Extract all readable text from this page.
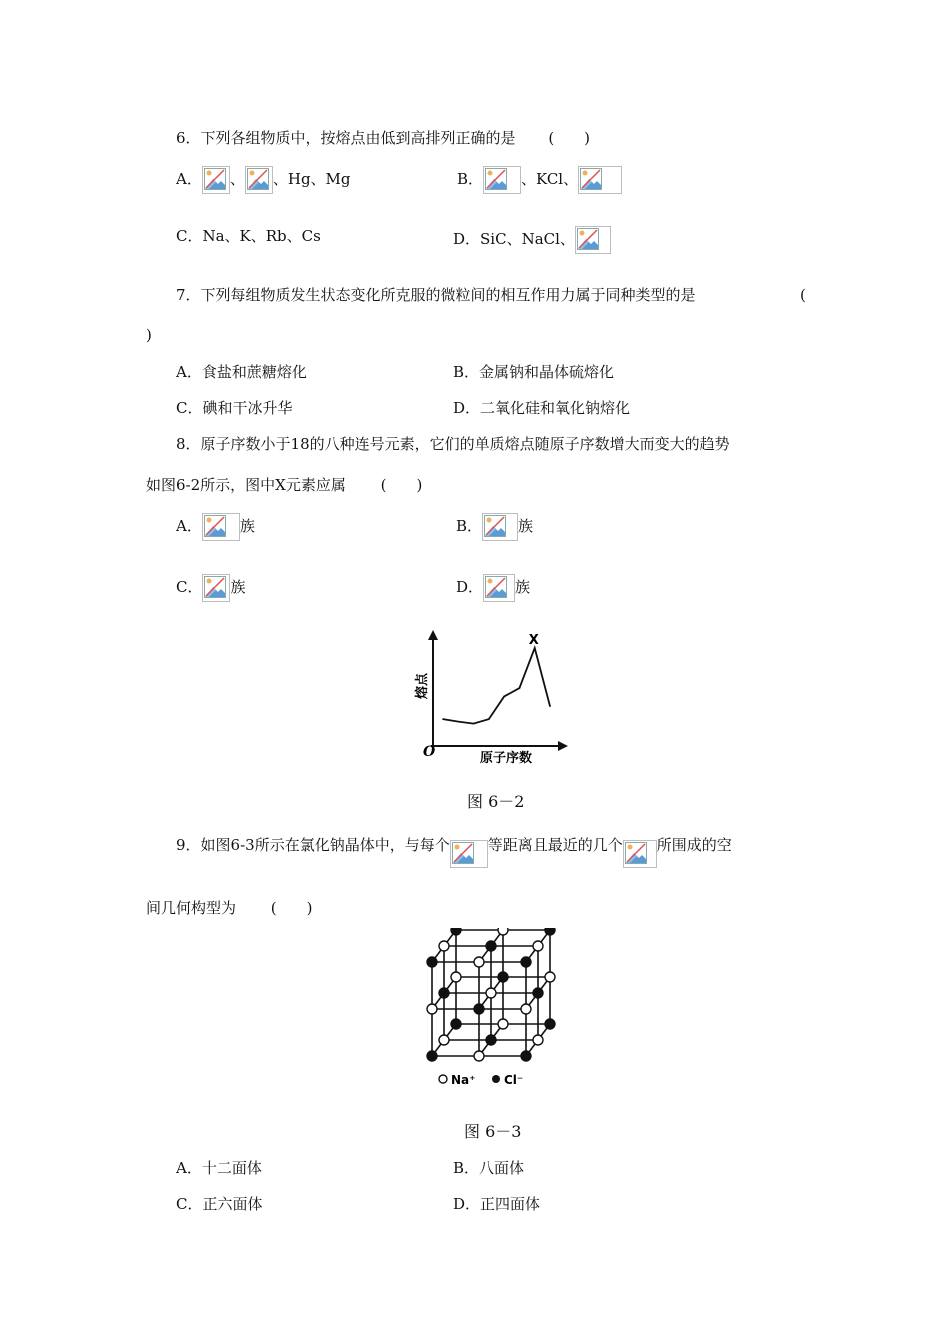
6．下列各组物质中，按熔点由低到高排列正确的是 (　　)
A． 、 、Hg、Mg	B．	、KCl、
C．Na、K、Rb、Cs	D．SiC、NaCl、
7．下列每组物质发生状态变化所克服的微粒间的相互作用力属于同种类型的是	(
)
A．食盐和蔗糖熔化	B．金属钠和晶体硫熔化
C．碘和干冰升华	D．二氧化硅和氧化钠熔化
8．原子序数小于18的八种连号元素，它们的单质熔点随原子序数增大而变大的趋势
如图6-2所示，图中X元素应属 (　　)
A．	族	B． 族
C． 族	D． 族
X
O	原子序数
熔点
图 6－2
9．如图6-3所示在氯化钠晶体中，与每个	等距离且最近的几个 所围成的空
间几何构型为 (　　)
Na⁺ Cl⁻
图 6－3
A．十二面体	B．八面体
C．正六面体	D．正四面体
